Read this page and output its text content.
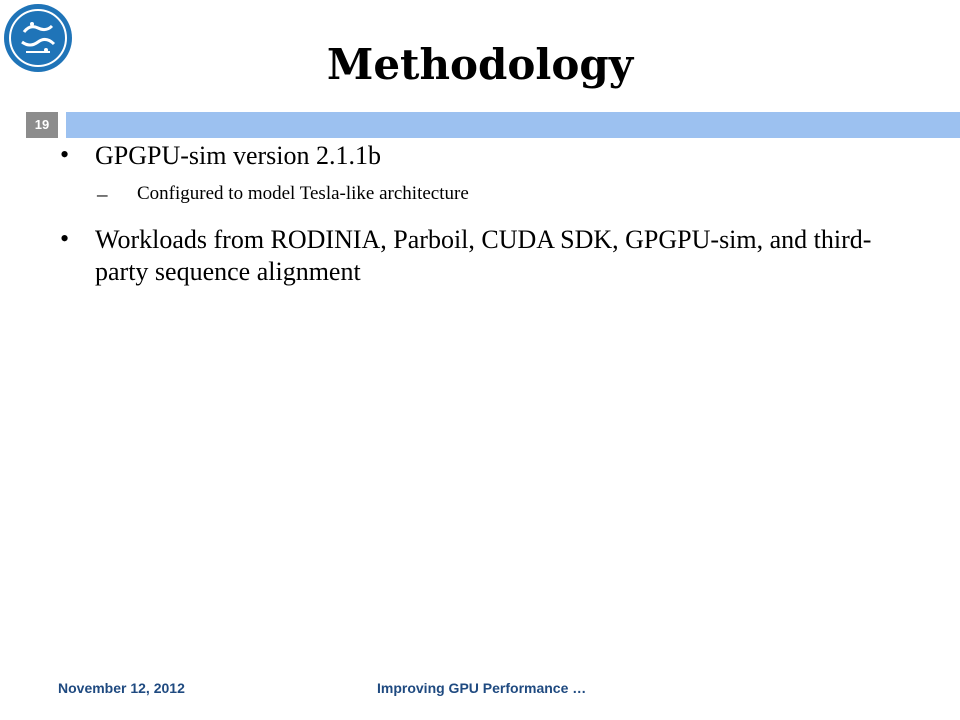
Methodology
19
• GPGPU-sim version 2.1.1b
– Configured to model Tesla-like architecture
• Workloads from RODINIA, Parboil, CUDA SDK, GPGPU-sim, and third-party sequence alignment
November 12, 2012	Improving GPU Performance …
